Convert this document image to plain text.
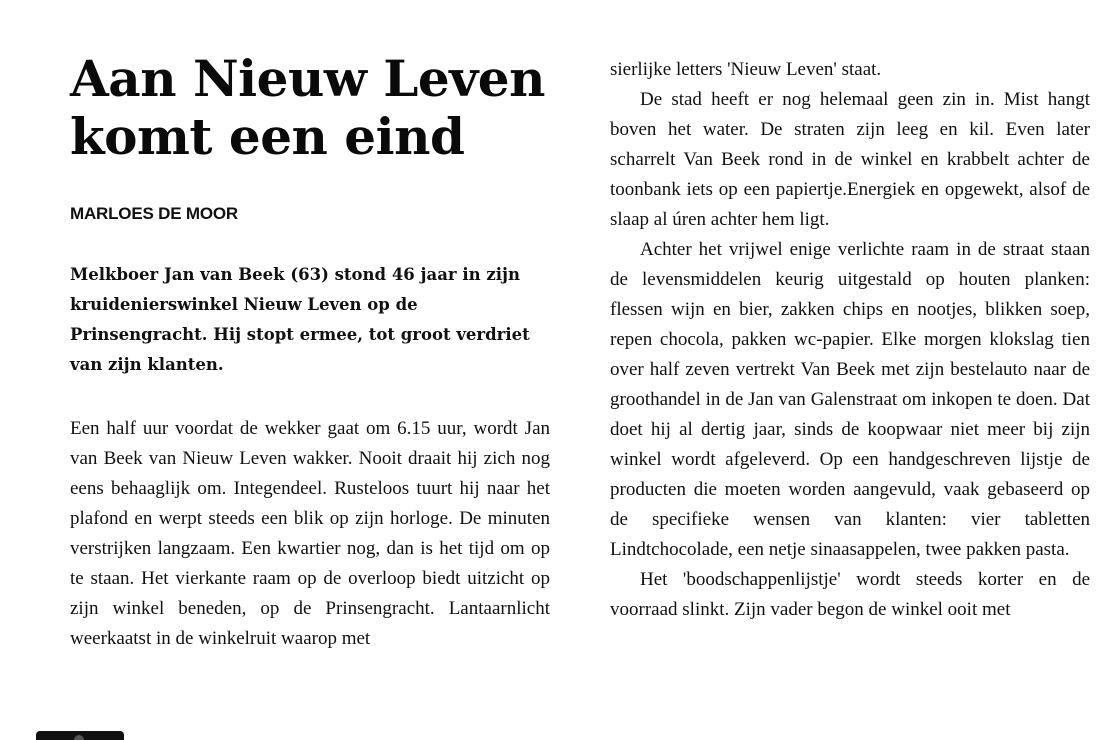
Aan Nieuw Leven komt een eind

MARLOES DE MOOR

Melkboer Jan van Beek (63) stond 46 jaar in zijn kruidenierswinkel Nieuw Leven op de Prinsengracht. Hij stopt ermee, tot groot verdriet van zijn klanten.

Een half uur voordat de wekker gaat om 6.15 uur, wordt Jan van Beek van Nieuw Leven wakker. Nooit draait hij zich nog eens behaaglijk om. Integendeel. Rusteloos tuurt hij naar het plafond en werpt steeds een blik op zijn horloge. De minuten verstrijken langzaam. Een kwartier nog, dan is het tijd om op te staan. Het vierkante raam op de overloop biedt uitzicht op zijn winkel beneden, op de Prinsengracht. Lantaarnlicht weerkaatst in de winkelruit waarop met

sierlijke letters 'Nieuw Leven' staat.

De stad heeft er nog helemaal geen zin in. Mist hangt boven het water. De straten zijn leeg en kil. Even later scharrelt Van Beek rond in de winkel en krabbelt achter de toonbank iets op een papiertje.Energiek en opgewekt, alsof de slaap al úren achter hem ligt.

Achter het vrijwel enige verlichte raam in de straat staan de levensmiddelen keurig uitgestald op houten planken: flessen wijn en bier, zakken chips en nootjes, blikken soep, repen chocola, pakken wc-papier. Elke morgen klokslag tien over half zeven vertrekt Van Beek met zijn bestelauto naar de groothandel in de Jan van Galenstraat om inkopen te doen. Dat doet hij al dertig jaar, sinds de koopwaar niet meer bij zijn winkel wordt afgeleverd. Op een handgeschreven lijstje de producten die moeten worden aangevuld, vaak gebaseerd op de specifieke wensen van klanten: vier tabletten Lindtchocolade, een netje sinaasappelen, twee pakken pasta.

Het 'boodschappenlijstje' wordt steeds korter en de voorraad slinkt. Zijn vader begon de winkel ooit met
